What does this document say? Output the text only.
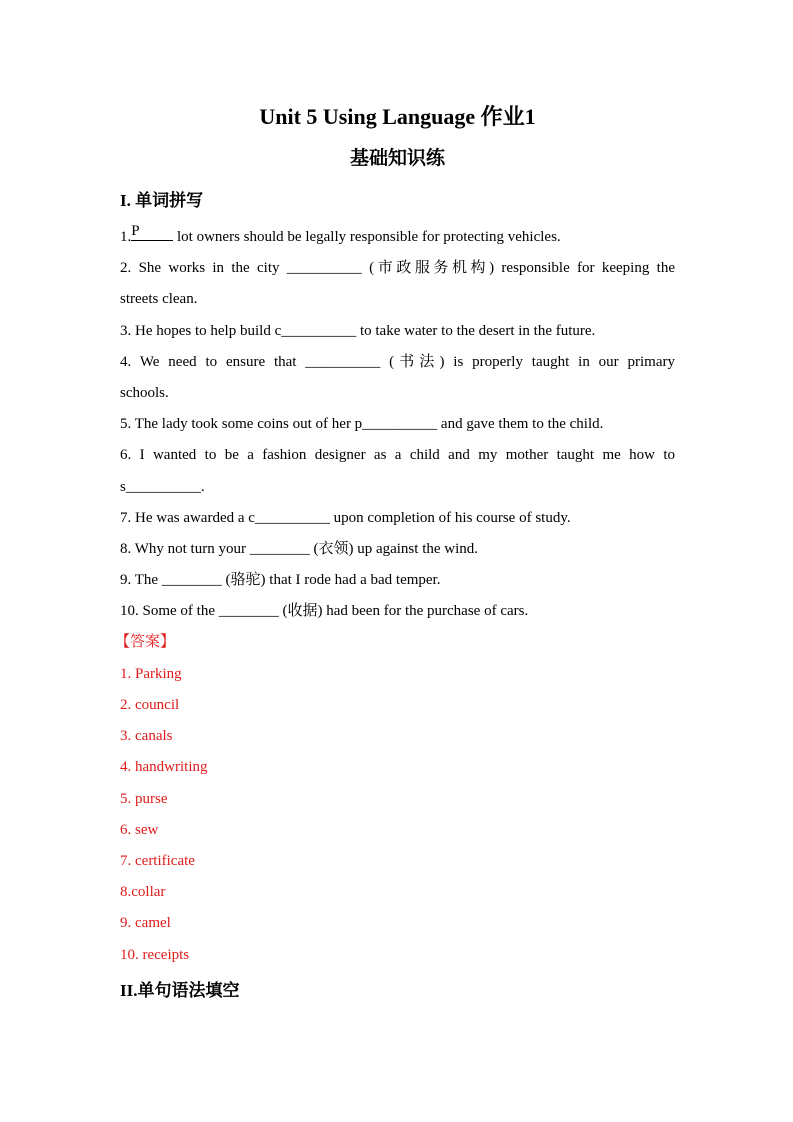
Unit 5 Using Language 作业1
基础知识练
I. 单词拼写
1. P lot owners should be legally responsible for protecting vehicles.
2. She works in the city __________ (市政服务机构) responsible for keeping the
streets clean.
3. He hopes to help build c__________ to take water to the desert in the future.
4. We need to ensure that __________ (书法) is properly taught in our primary
schools.
5. The lady took some coins out of her p__________ and gave them to the child.
6. I wanted to be a fashion designer as a child and my mother taught me how to
s__________.
7. He was awarded a c__________ upon completion of his course of study.
8. Why not turn your ________ (衣领) up against the wind.
9. The ________ (骆驼) that I rode had a bad temper.
10. Some of the ________ (收据) had been for the purchase of cars.
【答案】
1. Parking
2. council
3. canals
4. handwriting
5. purse
6. sew
7. certificate
8.collar
9. camel
10. receipts
II.单句语法填空
